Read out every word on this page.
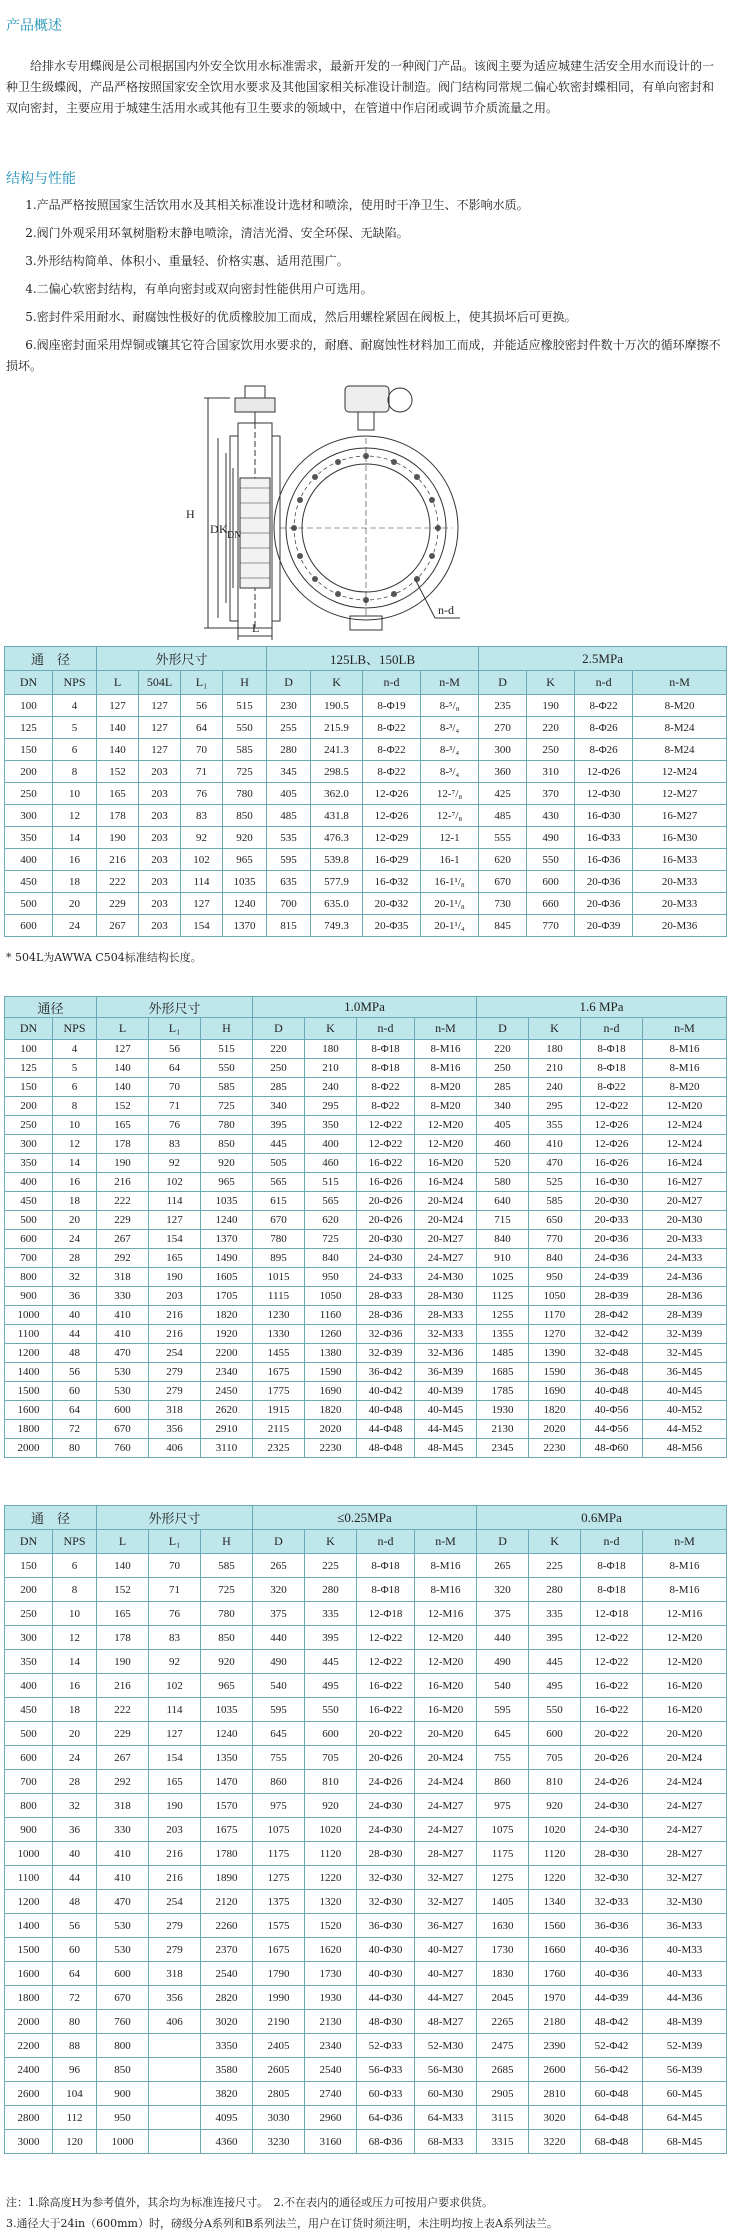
产品概述
给排水专用蝶阀是公司根据国内外安全饮用水标准需求，最新开发的一种阀门产品。该阀主要为适应城建生活安全用水而设计的一种卫生级蝶阀，产品严格按照国家安全饮用水要求及其他国家相关标准设计制造。阀门结构同常规二偏心软密封蝶相同，有单向密封和双向密封，主要应用于城建生活用水或其他有卫生要求的领域中，在管道中作启闭或调节介质流量之用。
结构与性能
1.产品严格按照国家生活饮用水及其相关标准设计选材和喷涂，使用时干净卫生、不影响水质。
2.阀门外观采用环氧树脂粉末静电喷涂，清洁光滑、安全环保、无缺陷。
3.外形结构简单、体积小、重量轻、价格实惠、适用范围广。
4.二偏心软密封结构，有单向密封或双向密封性能供用户可选用。
5.密封件采用耐水、耐腐蚀性极好的优质橡胶加工而成，然后用螺栓紧固在阀板上，使其损坏后可更换。
6.阀座密封面采用焊铜或镶其它符合国家饮用水要求的，耐磨、耐腐蚀性材料加工而成，并能适应橡胶密封件数十万次的循环摩擦不损坏。
H
D K DN
L
n-d
通　径		外形尺寸				125LB、150LB				2.5MPa			
DN	NPS	L	504L	L₁	H	D	K	n-d	n-M	D	K	n-d	n-M
100	4	127	127	56	515	230	190.5	8-Φ19	8-⁵/₈	235	190	8-Φ22	8-M20
125	5	140	127	64	550	255	215.9	8-Φ22	8-³/₄	270	220	8-Φ26	8-M24
150	6	140	127	70	585	280	241.3	8-Φ22	8-³/₄	300	250	8-Φ26	8-M24
200	8	152	203	71	725	345	298.5	8-Φ22	8-³/₄	360	310	12-Φ26	12-M24
250	10	165	203	76	780	405	362.0	12-Φ26	12-⁷/₈	425	370	12-Φ30	12-M27
300	12	178	203	83	850	485	431.8	12-Φ26	12-⁷/₈	485	430	16-Φ30	16-M27
350	14	190	203	92	920	535	476.3	12-Φ29	12-1	555	490	16-Φ33	16-M30
400	16	216	203	102	965	595	539.8	16-Φ29	16-1	620	550	16-Φ36	16-M33
450	18	222	203	114	1035	635	577.9	16-Φ32	16-1¹/₈	670	600	20-Φ36	20-M33
500	20	229	203	127	1240	700	635.0	20-Φ32	20-1¹/₈	730	660	20-Φ36	20-M33
600	24	267	203	154	1370	815	749.3	20-Φ35	20-1¹/₄	845	770	20-Φ39	20-M36
* 504L为AWWA C504标准结构长度。
通径		外形尺寸			1.0MPa				1.6 MPa			
DN	NPS	L	L₁	H	D	K	n-d	n-M	D	K	n-d	n-M
100	4	127	56	515	220	180	8-Φ18	8-M16	220	180	8-Φ18	8-M16
125	5	140	64	550	250	210	8-Φ18	8-M16	250	210	8-Φ18	8-M16
150	6	140	70	585	285	240	8-Φ22	8-M20	285	240	8-Φ22	8-M20
200	8	152	71	725	340	295	8-Φ22	8-M20	340	295	12-Φ22	12-M20
250	10	165	76	780	395	350	12-Φ22	12-M20	405	355	12-Φ26	12-M24
300	12	178	83	850	445	400	12-Φ22	12-M20	460	410	12-Φ26	12-M24
350	14	190	92	920	505	460	16-Φ22	16-M20	520	470	16-Φ26	16-M24
400	16	216	102	965	565	515	16-Φ26	16-M24	580	525	16-Φ30	16-M27
450	18	222	114	1035	615	565	20-Φ26	20-M24	640	585	20-Φ30	20-M27
500	20	229	127	1240	670	620	20-Φ26	20-M24	715	650	20-Φ33	20-M30
600	24	267	154	1370	780	725	20-Φ30	20-M27	840	770	20-Φ36	20-M33
700	28	292	165	1490	895	840	24-Φ30	24-M27	910	840	24-Φ36	24-M33
800	32	318	190	1605	1015	950	24-Φ33	24-M30	1025	950	24-Φ39	24-M36
900	36	330	203	1705	1115	1050	28-Φ33	28-M30	1125	1050	28-Φ39	28-M36
1000	40	410	216	1820	1230	1160	28-Φ36	28-M33	1255	1170	28-Φ42	28-M39
1100	44	410	216	1920	1330	1260	32-Φ36	32-M33	1355	1270	32-Φ42	32-M39
1200	48	470	254	2200	1455	1380	32-Φ39	32-M36	1485	1390	32-Φ48	32-M45
1400	56	530	279	2340	1675	1590	36-Φ42	36-M39	1685	1590	36-Φ48	36-M45
1500	60	530	279	2450	1775	1690	40-Φ42	40-M39	1785	1690	40-Φ48	40-M45
1600	64	600	318	2620	1915	1820	40-Φ48	40-M45	1930	1820	40-Φ56	40-M52
1800	72	670	356	2910	2115	2020	44-Φ48	44-M45	2130	2020	44-Φ56	44-M52
2000	80	760	406	3110	2325	2230	48-Φ48	48-M45	2345	2230	48-Φ60	48-M56
通　径		外形尺寸			≤0.25MPa				0.6MPa			
DN	NPS	L	L₁	H	D	K	n-d	n-M	D	K	n-d	n-M
150	6	140	70	585	265	225	8-Φ18	8-M16	265	225	8-Φ18	8-M16
200	8	152	71	725	320	280	8-Φ18	8-M16	320	280	8-Φ18	8-M16
250	10	165	76	780	375	335	12-Φ18	12-M16	375	335	12-Φ18	12-M16
300	12	178	83	850	440	395	12-Φ22	12-M20	440	395	12-Φ22	12-M20
350	14	190	92	920	490	445	12-Φ22	12-M20	490	445	12-Φ22	12-M20
400	16	216	102	965	540	495	16-Φ22	16-M20	540	495	16-Φ22	16-M20
450	18	222	114	1035	595	550	16-Φ22	16-M20	595	550	16-Φ22	16-M20
500	20	229	127	1240	645	600	20-Φ22	20-M20	645	600	20-Φ22	20-M20
600	24	267	154	1350	755	705	20-Φ26	20-M24	755	705	20-Φ26	20-M24
700	28	292	165	1470	860	810	24-Φ26	24-M24	860	810	24-Φ26	24-M24
800	32	318	190	1570	975	920	24-Φ30	24-M27	975	920	24-Φ30	24-M27
900	36	330	203	1675	1075	1020	24-Φ30	24-M27	1075	1020	24-Φ30	24-M27
1000	40	410	216	1780	1175	1120	28-Φ30	28-M27	1175	1120	28-Φ30	28-M27
1100	44	410	216	1890	1275	1220	32-Φ30	32-M27	1275	1220	32-Φ30	32-M27
1200	48	470	254	2120	1375	1320	32-Φ30	32-M27	1405	1340	32-Φ33	32-M30
1400	56	530	279	2260	1575	1520	36-Φ30	36-M27	1630	1560	36-Φ36	36-M33
1500	60	530	279	2370	1675	1620	40-Φ30	40-M27	1730	1660	40-Φ36	40-M33
1600	64	600	318	2540	1790	1730	40-Φ30	40-M27	1830	1760	40-Φ36	40-M33
1800	72	670	356	2820	1990	1930	44-Φ30	44-M27	2045	1970	44-Φ39	44-M36
2000	80	760	406	3020	2190	2130	48-Φ30	48-M27	2265	2180	48-Φ42	48-M39
2200	88	800		3350	2405	2340	52-Φ33	52-M30	2475	2390	52-Φ42	52-M39
2400	96	850		3580	2605	2540	56-Φ33	56-M30	2685	2600	56-Φ42	56-M39
2600	104	900		3820	2805	2740	60-Φ33	60-M30	2905	2810	60-Φ48	60-M45
2800	112	950		4095	3030	2960	64-Φ36	64-M33	3115	3020	64-Φ48	64-M45
3000	120	1000		4360	3230	3160	68-Φ36	68-M33	3315	3220	68-Φ48	68-M45
注：1.除高度H为参考值外，其余均为标准连接尺寸。　2.不在表内的通径或压力可按用户要求供货。
3.通径大于24in（600mm）时，磅级分A系列和B系列法兰，用户在订货时须注明，未注明均按上表A系列法兰。
